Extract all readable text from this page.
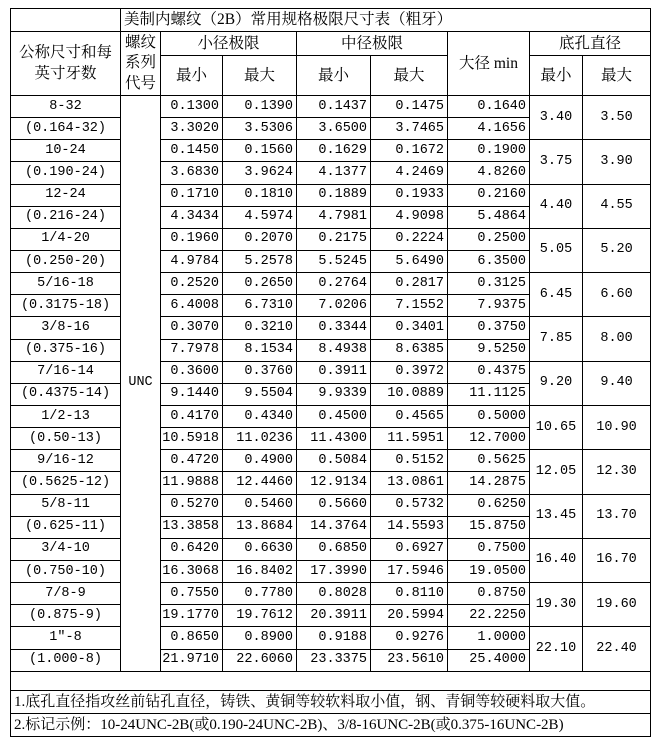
	美制内螺纹（2B）常用规格极限尺寸表（粗牙）							

公称尺寸和每
英寸牙数	螺纹
系列
代号	小径极限		中径极限		大径 min	底孔直径	
		最小	最大	最小	最大		最小	最大
8-32	UNC	0.1300	0.1390	0.1437	0.1475	0.1640	3.40	3.50
(0.164-32)		3.3020	3.5306	3.6500	3.7465	4.1656		
10-24		0.1450	0.1560	0.1629	0.1672	0.1900	3.75	3.90
(0.190-24)		3.6830	3.9624	4.1377	4.2469	4.8260		
12-24		0.1710	0.1810	0.1889	0.1933	0.2160	4.40	4.55
(0.216-24)		4.3434	4.5974	4.7981	4.9098	5.4864		
1/4-20		0.1960	0.2070	0.2175	0.2224	0.2500	5.05	5.20
(0.250-20)		4.9784	5.2578	5.5245	5.6490	6.3500		
5/16-18		0.2520	0.2650	0.2764	0.2817	0.3125	6.45	6.60
(0.3175-18)		6.4008	6.7310	7.0206	7.1552	7.9375		
3/8-16		0.3070	0.3210	0.3344	0.3401	0.3750	7.85	8.00
(0.375-16)		7.7978	8.1534	8.4938	8.6385	9.5250		
7/16-14		0.3600	0.3760	0.3911	0.3972	0.4375	9.20	9.40
(0.4375-14)		9.1440	9.5504	9.9339	10.0889	11.1125		
1/2-13		0.4170	0.4340	0.4500	0.4565	0.5000	10.65	10.90
(0.50-13)		10.5918	11.0236	11.4300	11.5951	12.7000		
9/16-12		0.4720	0.4900	0.5084	0.5152	0.5625	12.05	12.30
(0.5625-12)		11.9888	12.4460	12.9134	13.0861	14.2875		
5/8-11		0.5270	0.5460	0.5660	0.5732	0.6250	13.45	13.70
(0.625-11)		13.3858	13.8684	14.3764	14.5593	15.8750		
3/4-10		0.6420	0.6630	0.6850	0.6927	0.7500	16.40	16.70
(0.750-10)		16.3068	16.8402	17.3990	17.5946	19.0500		
7/8-9		0.7550	0.7780	0.8028	0.8110	0.8750	19.30	19.60
(0.875-9)		19.1770	19.7612	20.3911	20.5994	22.2250		
1″-8		0.8650	0.8900	0.9188	0.9276	1.0000	22.10	22.40
(1.000-8)		21.9710	22.6060	23.3375	23.5610	25.4000		

1.底孔直径指攻丝前钻孔直径，铸铁、黄铜等较软料取小值，钢、青铜等较硬料取大值。								
2.标记示例：10-24UNC-2B(或0.190-24UNC-2B)、3/8-16UNC-2B(或0.375-16UNC-2B)								
